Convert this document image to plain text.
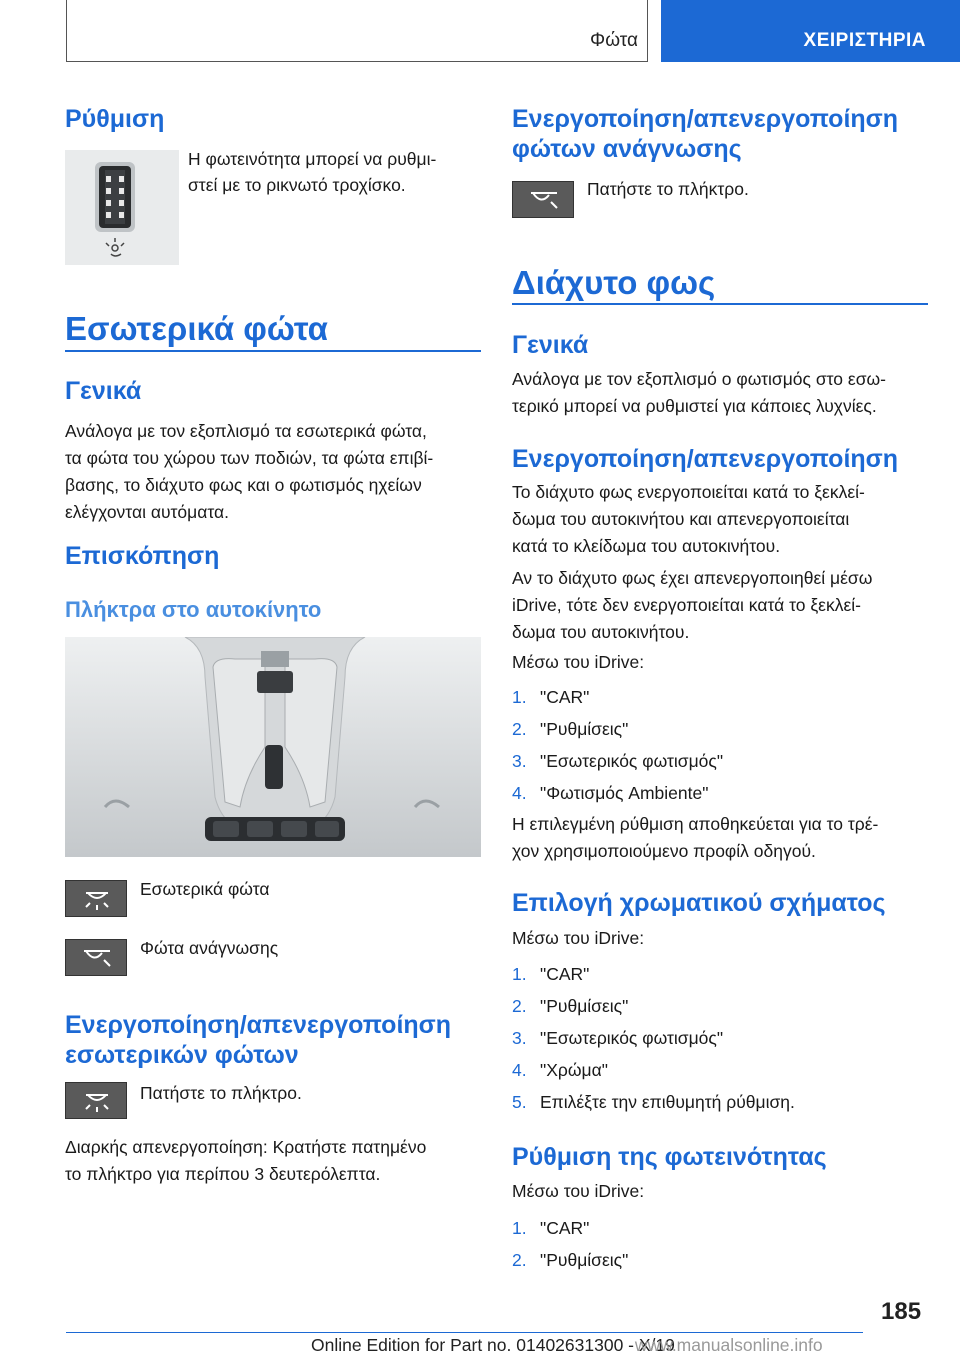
Φώτα	ΧΕΙΡΙΣΤΗΡΙΑ
Ρύθμιση

Η φωτεινότητα μπορεί να ρυθμι-

στεί με το ρικνωτό τροχίσκο.

Εσωτερικά φώτα
Γενικά

Ανάλογα με τον εξοπλισμό τα εσωτερικά φώτα,

τα φώτα του χώρου των ποδιών, τα φώτα επιβί-

βασης, το διάχυτο φως και ο φωτισμός ηχείων

ελέγχονται αυτόματα.

Επισκόπηση
Πλήκτρα στο αυτοκίνητο

Εσωτερικά φώτα

Φώτα ανάγνωσης

Ενεργοποίηση/απενεργοποίηση
εσωτερικών φώτων

Πατήστε το πλήκτρο.

Διαρκής απενεργοποίηση: Κρατήστε πατημένο

το πλήκτρο για περίπου 3 δευτερόλεπτα.

Ενεργοποίηση/απενεργοποίηση
φώτων ανάγνωσης

Πατήστε το πλήκτρο.

Διάχυτο φως
Γενικά

Ανάλογα με τον εξοπλισμό ο φωτισμός στο εσω-

τερικό μπορεί να ρυθμιστεί για κάποιες λυχνίες.

Ενεργοποίηση/απενεργοποίηση

Το διάχυτο φως ενεργοποιείται κατά το ξεκλεί-

δωμα του αυτοκινήτου και απενεργοποιείται

κατά το κλείδωμα του αυτοκινήτου.

Αν το διάχυτο φως έχει απενεργοποιηθεί μέσω

iDrive, τότε δεν ενεργοποιείται κατά το ξεκλεί-

δωμα του αυτοκινήτου.

Μέσω του iDrive:

1. "CAR"
2. "Ρυθμίσεις"
3. "Εσωτερικός φωτισμός"
4. "Φωτισμός Ambiente"

Η επιλεγμένη ρύθμιση αποθηκεύεται για το τρέ-

χον χρησιμοποιούμενο προφίλ οδηγού.

Επιλογή χρωματικού σχήματος

Μέσω του iDrive:

1. "CAR"
2. "Ρυθμίσεις"
3. "Εσωτερικός φωτισμός"
4. "Χρώμα"
5. Επιλέξτε την επιθυμητή ρύθμιση.
Ρύθμιση της φωτεινότητας

Μέσω του iDrive:

1. "CAR"
2. "Ρυθμίσεις"
185
Online Edition for Part no. 01402631300 - X/19www.manualsonline.info
